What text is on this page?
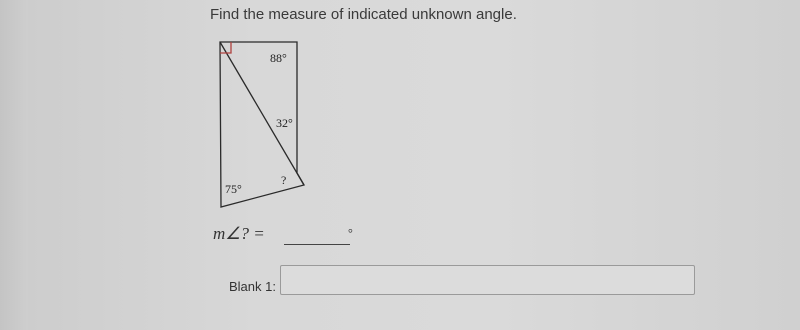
Find the measure of indicated unknown angle.
88°
32°
75°
?
m∠? =	°
Blank 1:
